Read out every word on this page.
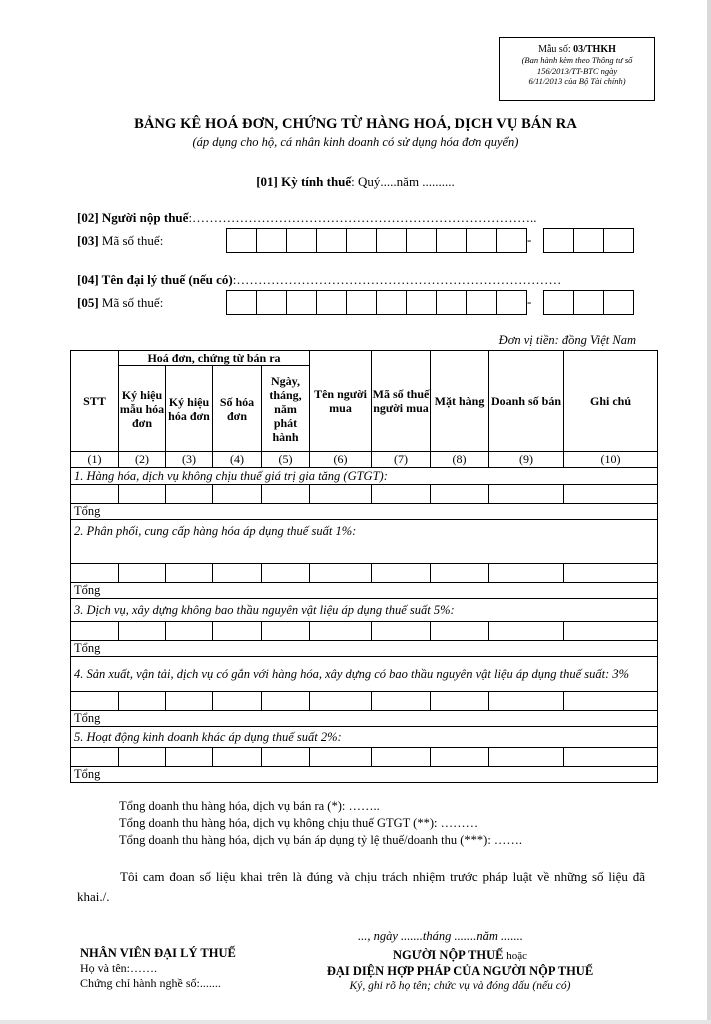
Mẫu số: 03/THKH
(Ban hành kèm theo Thông tư số
156/2013/TT-BTC ngày
6/11/2013 của Bộ Tài chính)
BẢNG KÊ HOÁ ĐƠN, CHỨNG TỪ HÀNG HOÁ, DỊCH VỤ BÁN RA
(áp dụng cho hộ, cá nhân kinh doanh có sử dụng hóa đơn quyển)
[01] Kỳ tính thuế: Quý.....năm ..........
[02] Người nộp thuế:……………………………………………………………………..
[03] Mã số thuế:	-
[04] Tên đại lý thuế (nếu có):…………………………………………………………………
[05] Mã số thuế:	-
Đơn vị tiền: đồng Việt Nam
STT	Hoá đơn, chứng từ bán ra				Tên người mua	Mã số thuế người mua	Mặt hàng	Doanh số bán	Ghi chú
	Ký hiệu mẫu hóa đơn	Ký hiệu hóa đơn	Số hóa đơn	Ngày, tháng, năm phát hành					
(1)	(2)	(3)	(4)	(5)	(6)	(7)	(8)	(9)	(10)
1. Hàng hóa, dịch vụ không chịu thuế giá trị gia tăng (GTGT):									

Tổng									
2. Phân phối, cung cấp hàng hóa áp dụng thuế suất 1%:									

Tổng									
3. Dịch vụ, xây dựng không bao thầu nguyên vật liệu áp dụng thuế suất 5%:									

Tổng									
4. Sản xuất, vận tải, dịch vụ có gắn với hàng hóa, xây dựng có bao thầu nguyên vật liệu áp dụng thuế suất: 3%									

Tổng									
5. Hoạt động kinh doanh khác áp dụng thuế suất 2%:									

Tổng									
Tổng doanh thu hàng hóa, dịch vụ bán ra (*): ……..
Tổng doanh thu hàng hóa, dịch vụ không chịu thuế GTGT (**): ………
Tổng doanh thu hàng hóa, dịch vụ bán áp dụng tỷ lệ thuế/doanh thu (***): …….
Tôi cam đoan số liệu khai trên là đúng và chịu trách nhiệm trước pháp luật về những số liệu đã khai./.
..., ngày .......tháng .......năm .......
NHÂN VIÊN ĐẠI LÝ THUẾ
Họ và tên:…….
Chứng chỉ hành nghề số:.......
NGƯỜI NỘP THUẾ hoặc
ĐẠI DIỆN HỢP PHÁP CỦA NGƯỜI NỘP THUẾ
Ký, ghi rõ họ tên; chức vụ và đóng dấu (nếu có)
